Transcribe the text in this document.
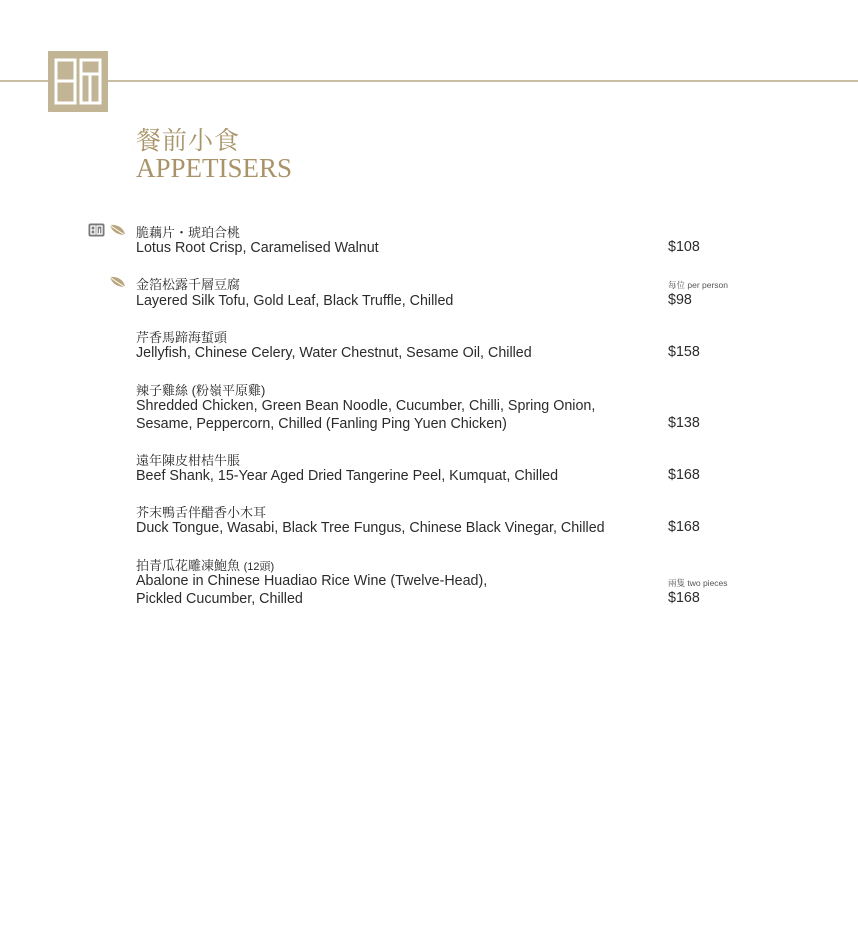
餐前小食
APPETISERS
脆藕片・琥珀合桃
Lotus Root Crisp, Caramelised Walnut	$108
金箔松露千層豆腐	每位 per person
Layered Silk Tofu, Gold Leaf, Black Truffle, Chilled	$98
芹香馬蹄海蜇頭
Jellyfish, Chinese Celery, Water Chestnut, Sesame Oil, Chilled	$158
辣子雞絲 (粉嶺平原雞)
Shredded Chicken, Green Bean Noodle, Cucumber, Chilli, Spring Onion,
Sesame, Peppercorn, Chilled (Fanling Ping Yuen Chicken)	$138
遠年陳皮柑桔牛脹
Beef Shank, 15-Year Aged Dried Tangerine Peel, Kumquat, Chilled	$168
芥末鴨舌伴醋香小木耳
Duck Tongue, Wasabi, Black Tree Fungus, Chinese Black Vinegar, Chilled	$168
拍青瓜花雕凍鮑魚 (12頭)
兩隻 two pieces
Abalone in Chinese Huadiao Rice Wine (Twelve-Head),
Pickled Cucumber, Chilled	$168
